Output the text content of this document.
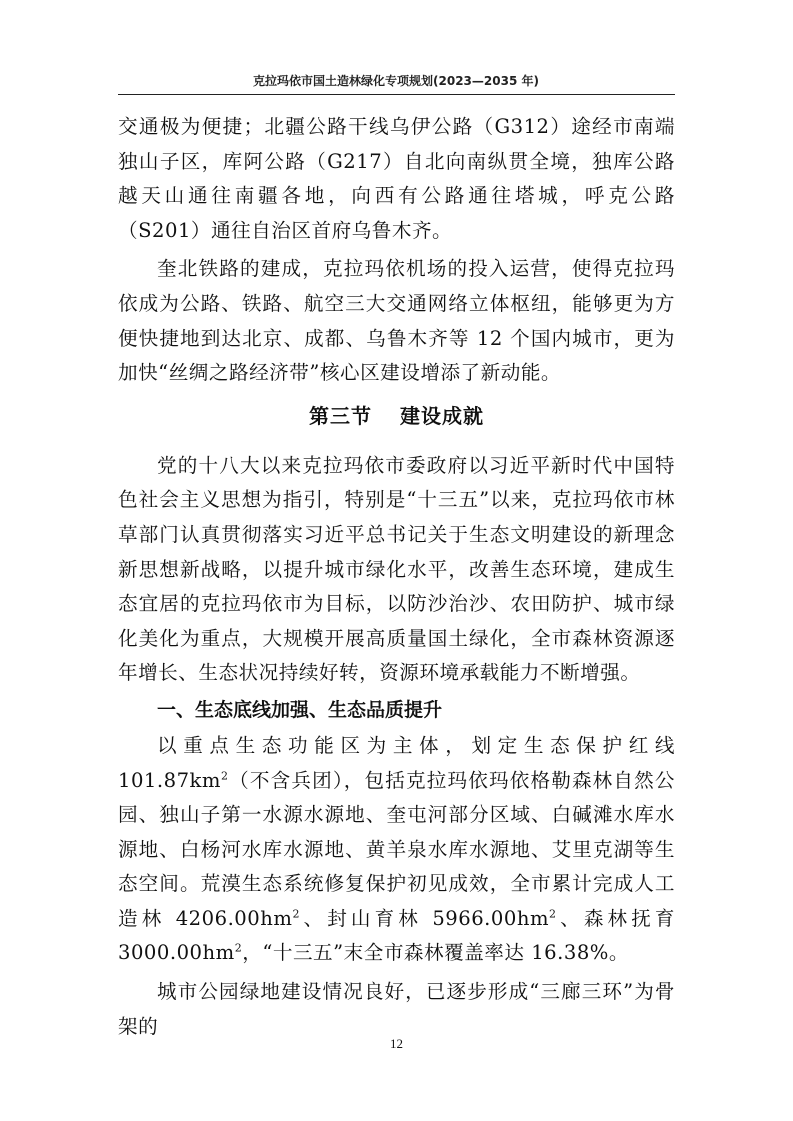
克拉玛依市国土造林绿化专项规划(2023—2035 年)

交通极为便捷；北疆公路干线乌伊公路（G312）途经市南端独山子区，库阿公路（G217）自北向南纵贯全境，独库公路越天山通往南疆各地，向西有公路通往塔城，呼克公路（S201）通往自治区首府乌鲁木齐。

奎北铁路的建成，克拉玛依机场的投入运营，使得克拉玛依成为公路、铁路、航空三大交通网络立体枢纽，能够更为方便快捷地到达北京、成都、乌鲁木齐等 12 个国内城市，更为加快“丝绸之路经济带”核心区建设增添了新动能。

第三节 建设成就

党的十八大以来克拉玛依市委政府以习近平新时代中国特色社会主义思想为指引，特别是“十三五”以来，克拉玛依市林草部门认真贯彻落实习近平总书记关于生态文明建设的新理念新思想新战略，以提升城市绿化水平，改善生态环境，建成生态宜居的克拉玛依市为目标，以防沙治沙、农田防护、城市绿化美化为重点，大规模开展高质量国土绿化，全市森林资源逐年增长、生态状况持续好转，资源环境承载能力不断增强。

一、生态底线加强、生态品质提升

以重点生态功能区为主体，划定生态保护红线 $101.87km^2$（不含兵团），包括克拉玛依玛依格勒森林自然公园、独山子第一水源水源地、奎屯河部分区域、白碱滩水库水源地、白杨河水库水源地、黄羊泉水库水源地、艾里克湖等生态空间。荒漠生态系统修复保护初见成效，全市累计完成人工造林 $4206.00hm^2$、封山育林 $5966.00hm^2$、森林抚育 $3000.00hm^2$，“十三五”末全市森林覆盖率达 16.38%。

城市公园绿地建设情况良好，已逐步形成“三廊三环”为骨架的

12
